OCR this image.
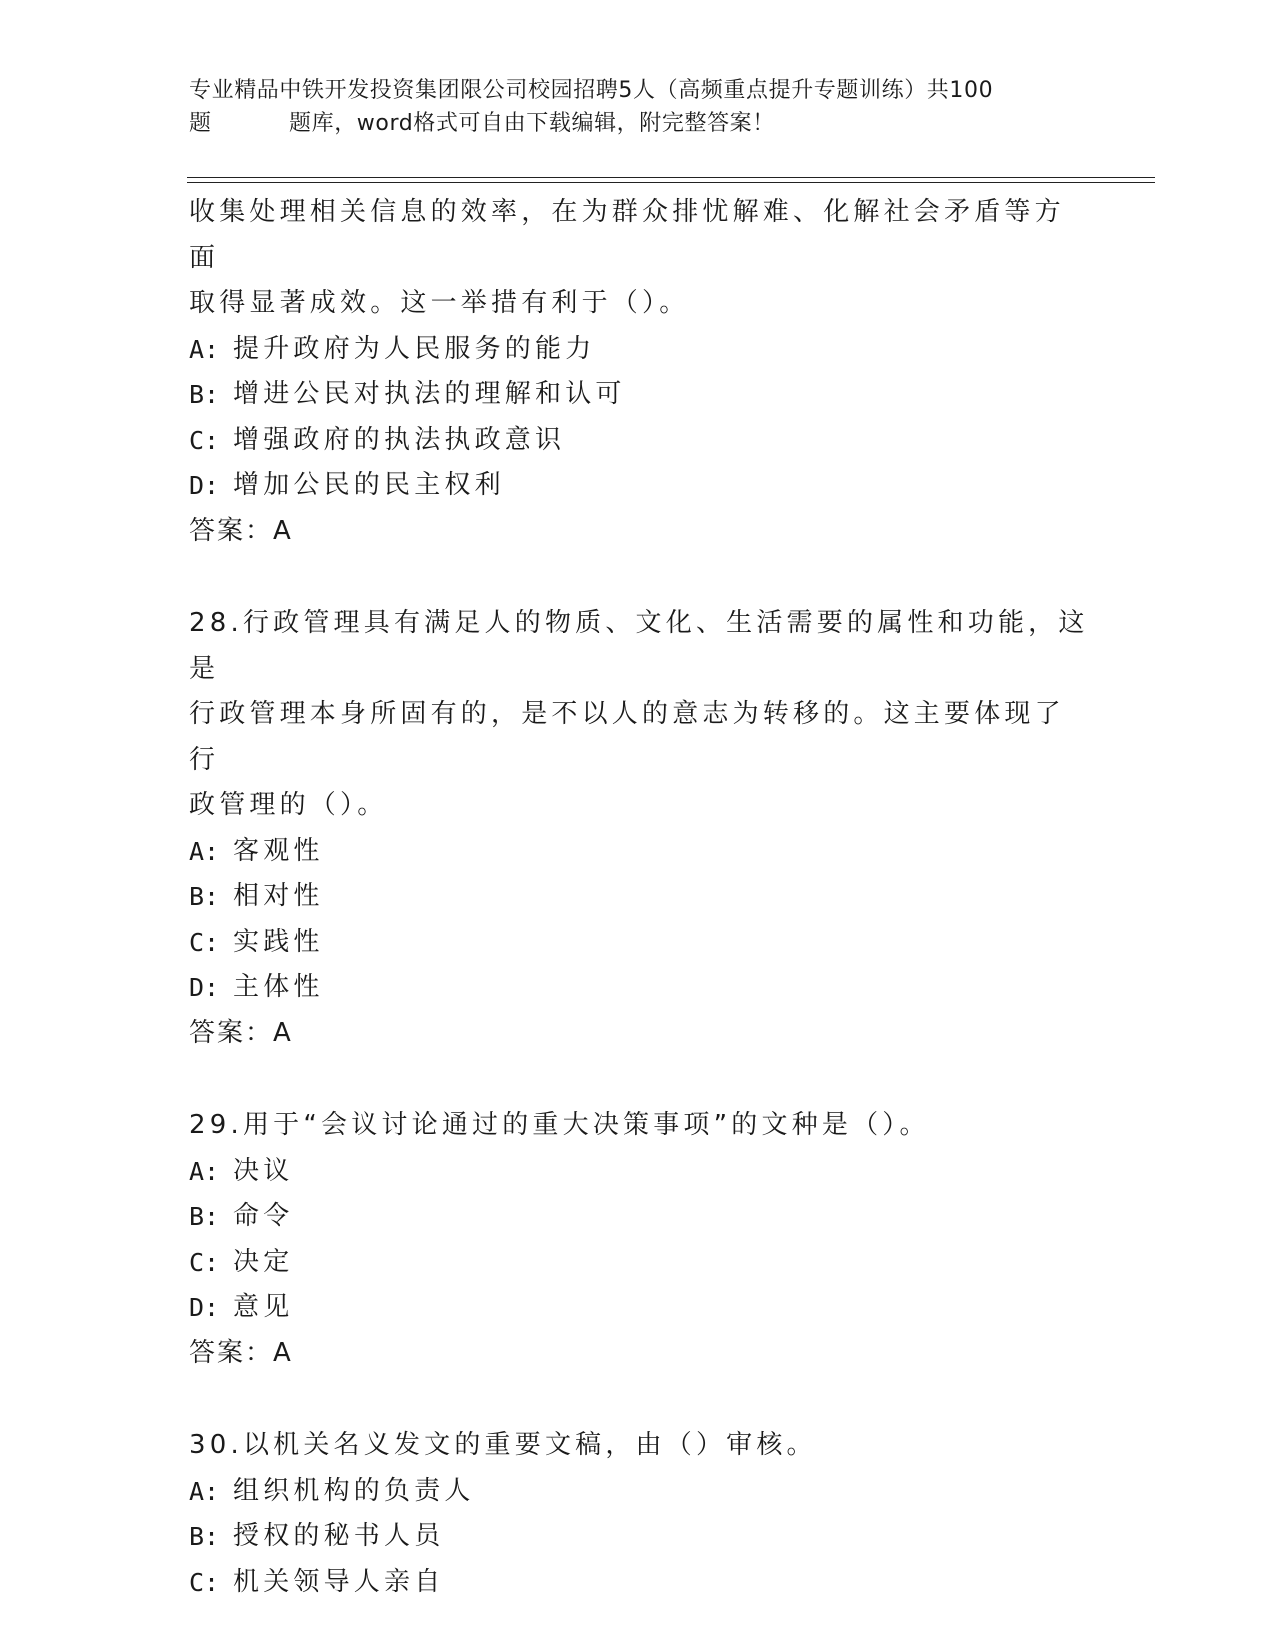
专业精品中铁开发投资集团限公司校园招聘5人（高频重点提升专题训练）共100
题	题库，word格式可自由下载编辑，附完整答案！

收集处理相关信息的效率，在为群众排忧解难、化解社会矛盾等方面

取得显著成效。这一举措有利于（）。

A: 提升政府为人民服务的能力
B: 增进公民对执法的理解和认可
C: 增强政府的执法执政意识
D: 增加公民的民主权利

答案：A

28.行政管理具有满足人的物质、文化、生活需要的属性和功能，这是

行政管理本身所固有的，是不以人的意志为转移的。这主要体现了行

政管理的（）。

A: 客观性
B: 相对性
C: 实践性
D: 主体性

答案：A

29.用于“会议讨论通过的重大决策事项”的文种是（）。

A: 决议
B: 命令
C: 决定
D: 意见

答案：A

30.以机关名义发文的重要文稿，由（）审核。

A: 组织机构的负责人
B: 授权的秘书人员
C: 机关领导人亲自
